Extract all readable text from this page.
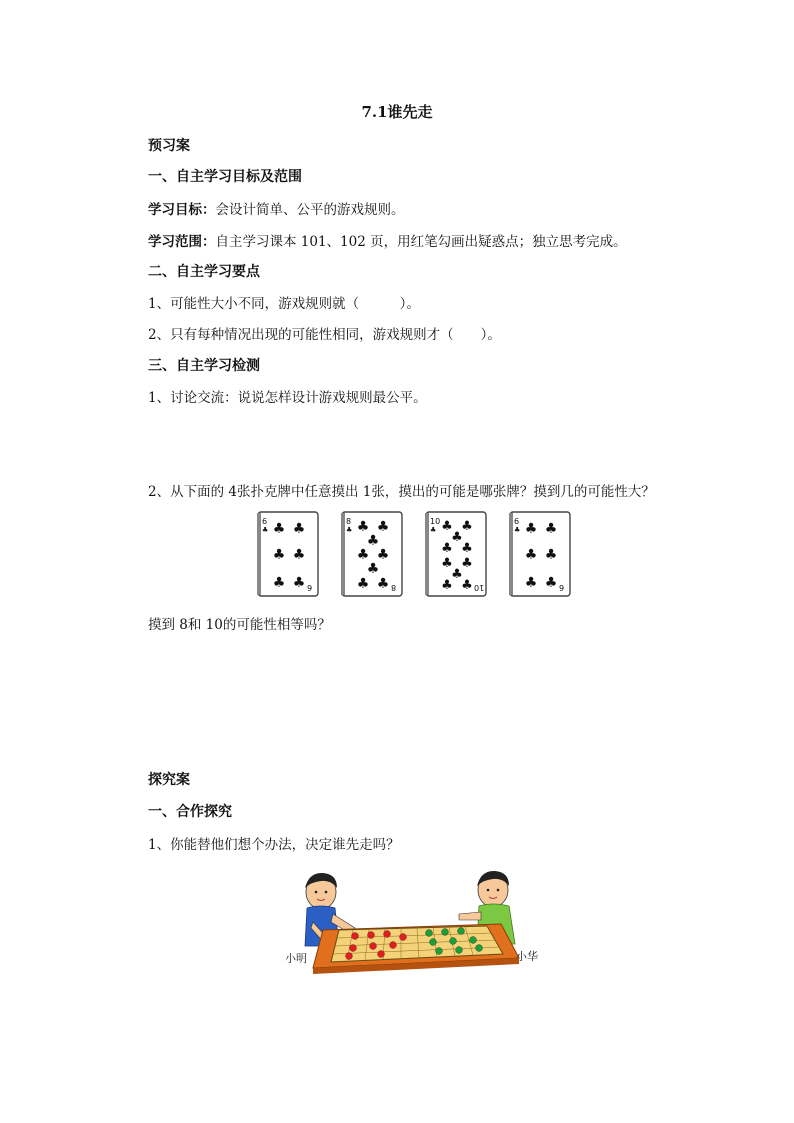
7.1谁先走
预习案
一、自主学习目标及范围
学习目标：会设计简单、公平的游戏规则。
学习范围：自主学习课本 101、102 页，用红笔勾画出疑惑点；独立思考完成。
二、自主学习要点
1、可能性大小不同，游戏规则就（　　　）。
2、只有每种情况出现的可能性相同，游戏规则才（　　）。
三、自主学习检测
1、讨论交流：说说怎样设计游戏规则最公平。
2、从下面的 4张扑克牌中任意摸出 1张，摸出的可能是哪张牌？摸到几的可能性大？
6
♣ ♣ ♣
♣ ♣
♣ ♣ 6
8
♣ ♣ ♣
♣
♣ ♣
♣
♣ ♣ 8
10
♣ ♣ ♣
♣
♣ ♣
♣ ♣
♣
♣ ♣ 10
6
♣ ♣ ♣
♣ ♣
♣ ♣ 6
摸到 8和 10的可能性相等吗？
探究案
一、合作探究
1、你能替他们想个办法，决定谁先走吗？
小明	小华
